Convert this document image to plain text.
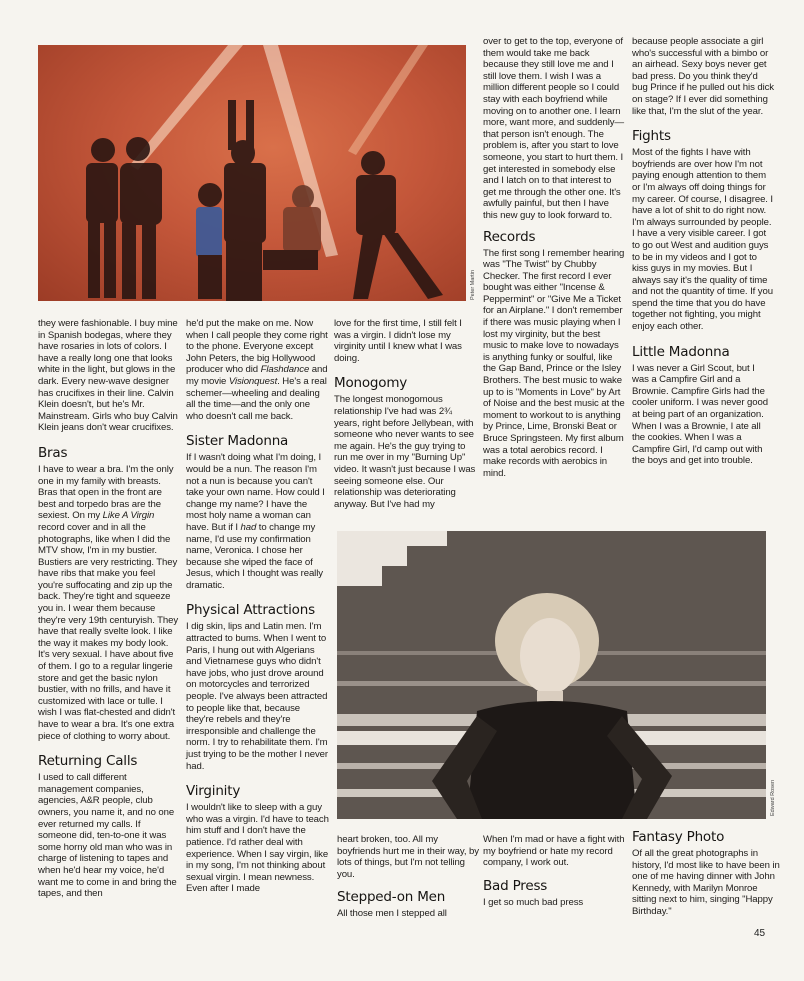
Peter Martin
Edward Rosen

they were fashionable. I buy mine in Spanish bodegas, where they have rosaries in lots of colors. I have a really long one that looks white in the light, but glows in the dark. Every new-wave designer has crucifixes in their line. Calvin Klein doesn't, but he's Mr. Mainstream. Girls who buy Calvin Klein jeans don't wear crucifixes.

Bras

I have to wear a bra. I'm the only one in my family with breasts. Bras that open in the front are best and torpedo bras are the sexiest. On my Like A Virgin record cover and in all the photographs, like when I did the MTV show, I'm in my bustier. Bustiers are very restricting. They have ribs that make you feel you're suffocating and zip up the back. They're tight and squeeze you in. I wear them because they're very 19th centuryish. They have that really svelte look. I like the way it makes my body look. It's very sexual. I have about five of them. I go to a regular lingerie store and get the basic nylon bustier, with no frills, and have it customized with lace or tulle. I wish I was flat-chested and didn't have to wear a bra. It's one extra piece of clothing to worry about.

Returning Calls

I used to call different management companies, agencies, A&R people, club owners, you name it, and no one ever returned my calls. If someone did, ten-to-one it was some horny old man who was in charge of listening to tapes and when he'd hear my voice, he'd want me to come in and bring the tapes, and then

he'd put the make on me. Now when I call people they come right to the phone. Everyone except John Peters, the big Hollywood producer who did Flashdance and my movie Visionquest. He's a real schemer—wheeling and dealing all the time—and the only one who doesn't call me back.

Sister Madonna

If I wasn't doing what I'm doing, I would be a nun. The reason I'm not a nun is because you can't take your own name. How could I change my name? I have the most holy name a woman can have. But if I had to change my name, I'd use my confirmation name, Veronica. I chose her because she wiped the face of Jesus, which I thought was really dramatic.

Physical Attractions

I dig skin, lips and Latin men. I'm attracted to bums. When I went to Paris, I hung out with Algerians and Vietnamese guys who didn't have jobs, who just drove around on motorcycles and terrorized people. I've always been attracted to people like that, because they're rebels and they're irresponsible and challenge the norm. I try to rehabilitate them. I'm just trying to be the mother I never had.

Virginity

I wouldn't like to sleep with a guy who was a virgin. I'd have to teach him stuff and I don't have the patience. I'd rather deal with experience. When I say virgin, like in my song, I'm not thinking about sexual virgin. I mean newness. Even after I made

love for the first time, I still felt I was a virgin. I didn't lose my virginity until I knew what I was doing.

Monogomy

The longest monogomous relationship I've had was 2¾ years, right before Jellybean, with someone who never wants to see me again. He's the guy trying to run me over in my "Burning Up" video. It wasn't just because I was seeing someone else. Our relationship was deteriorating anyway. But I've had my

heart broken, too. All my boyfriends hurt me in their way, by lots of things, but I'm not telling you.

Stepped-on Men

All those men I stepped all

over to get to the top, everyone of them would take me back because they still love me and I still love them. I wish I was a million different people so I could stay with each boyfriend while moving on to another one. I learn more, want more, and suddenly—that person isn't enough. The problem is, after you start to love someone, you start to hurt them. I get interested in somebody else and I latch on to that interest to get me through the other one. It's awfully painful, but then I have this new guy to look forward to.

Records

The first song I remember hearing was "The Twist" by Chubby Checker. The first record I ever bought was either "Incense & Peppermint" or "Give Me a Ticket for an Airplane." I don't remember if there was music playing when I lost my virginity, but the best music to make love to nowadays is anything funky or soulful, like the Gap Band, Prince or the Isley Brothers. The best music to wake up to is "Moments in Love" by Art of Noise and the best music at the moment to workout to is anything by Prince, Lime, Bronski Beat or Bruce Springsteen. My first album was a total aerobics record. I make records with aerobics in mind.

When I'm mad or have a fight with my boyfriend or hate my record company, I work out.

Bad Press

I get so much bad press

because people associate a girl who's successful with a bimbo or an airhead. Sexy boys never get bad press. Do you think they'd bug Prince if he pulled out his dick on stage? If I ever did something like that, I'm the slut of the year.

Fights

Most of the fights I have with boyfriends are over how I'm not paying enough attention to them or I'm always off doing things for my career. Of course, I disagree. I have a lot of shit to do right now. I'm always surrounded by people. I have a very visible career. I got to go out West and audition guys to be in my videos and I got to kiss guys in my movies. But I always say it's the quality of time and not the quantity of time. If you spend the time that you do have together not fighting, you might enjoy each other.

Little Madonna

I was never a Girl Scout, but I was a Campfire Girl and a Brownie. Campfire Girls had the cooler uniform. I was never good at being part of an organization. When I was a Brownie, I ate all the cookies. When I was a Campfire Girl, I'd camp out with the boys and get into trouble.

Fantasy Photo

Of all the great photographs in history, I'd most like to have been in one of me having dinner with John Kennedy, with Marilyn Monroe sitting next to him, singing "Happy Birthday."

45
